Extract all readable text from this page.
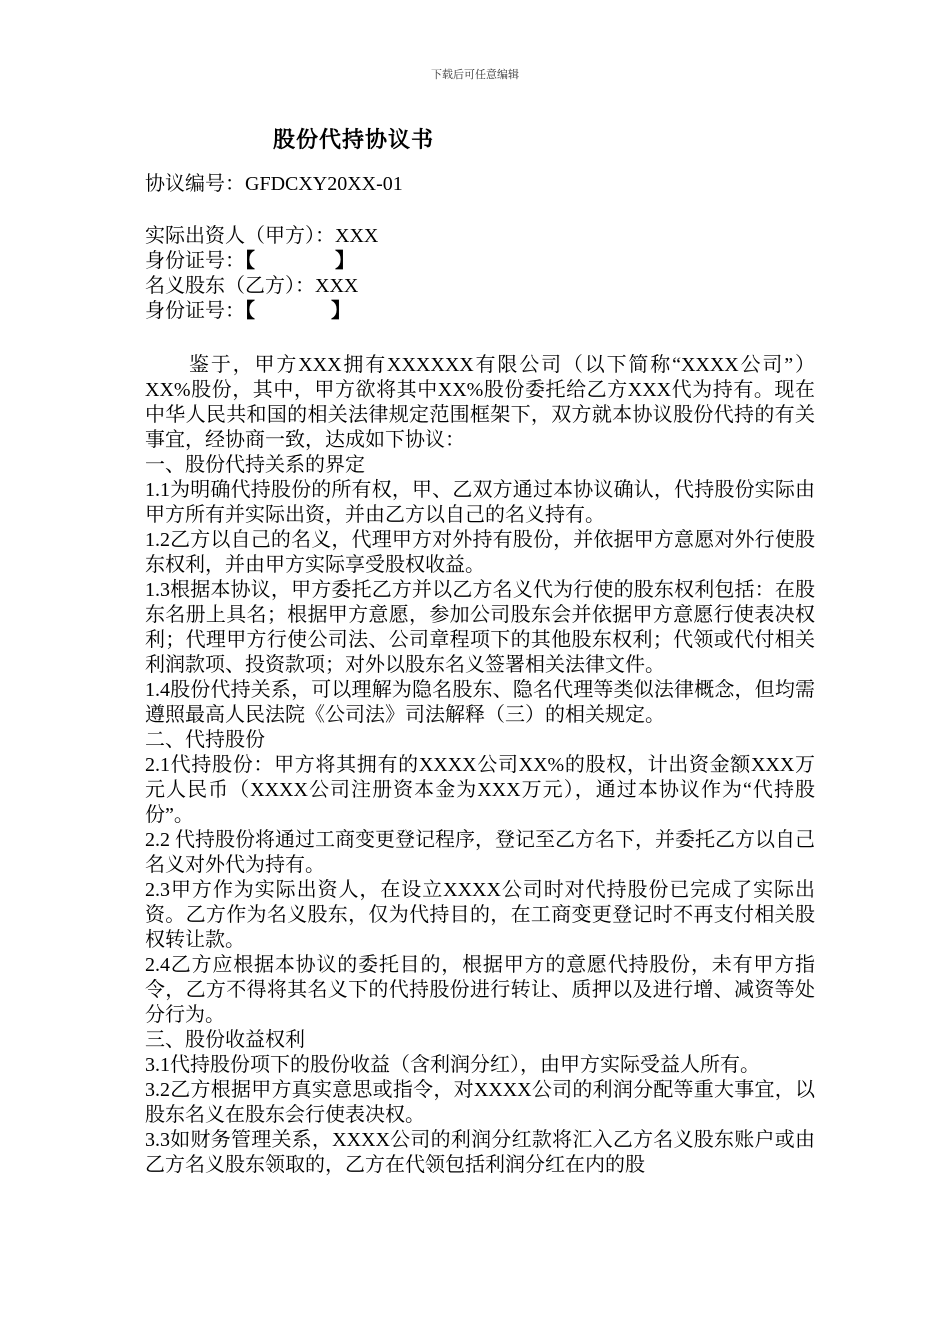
下载后可任意编辑
股份代持协议书

协议编号：GFDCXY20XX-01

实际出资人（甲方）：XXX

身份证号：【	】

名义股东（乙方）：XXX

身份证号：【	】

鉴于，甲方XXX拥有XXXXXX有限公司（以下简称“XXXX公司”）XX%股份，其中，甲方欲将其中XX%股份委托给乙方XXX代为持有。现在中华人民共和国的相关法律规定范围框架下，双方就本协议股份代持的有关事宜，经协商一致，达成如下协议：

一、股份代持关系的界定

1.1为明确代持股份的所有权，甲、乙双方通过本协议确认，代持股份实际由甲方所有并实际出资，并由乙方以自己的名义持有。

1.2乙方以自己的名义，代理甲方对外持有股份，并依据甲方意愿对外行使股东权利，并由甲方实际享受股权收益。

1.3根据本协议，甲方委托乙方并以乙方名义代为行使的股东权利包括：在股东名册上具名；根据甲方意愿，参加公司股东会并依据甲方意愿行使表决权利；代理甲方行使公司法、公司章程项下的其他股东权利；代领或代付相关利润款项、投资款项；对外以股东名义签署相关法律文件。

1.4股份代持关系，可以理解为隐名股东、隐名代理等类似法律概念，但均需遵照最高人民法院《公司法》司法解释（三）的相关规定。

二、代持股份

2.1代持股份：甲方将其拥有的XXXX公司XX%的股权，计出资金额XXX万元人民币（XXXX公司注册资本金为XXX万元），通过本协议作为“代持股份”。

2.2 代持股份将通过工商变更登记程序，登记至乙方名下，并委托乙方以自己名义对外代为持有。

2.3甲方作为实际出资人，在设立XXXX公司时对代持股份已完成了实际出资。乙方作为名义股东，仅为代持目的，在工商变更登记时不再支付相关股权转让款。

2.4乙方应根据本协议的委托目的，根据甲方的意愿代持股份，未有甲方指令，乙方不得将其名义下的代持股份进行转让、质押以及进行增、减资等处分行为。

三、股份收益权利

3.1代持股份项下的股份收益（含利润分红），由甲方实际受益人所有。

3.2乙方根据甲方真实意思或指令，对XXXX公司的利润分配等重大事宜，以股东名义在股东会行使表决权。

3.3如财务管理关系，XXXX公司的利润分红款将汇入乙方名义股东账户或由乙方名义股东领取的，乙方在代领包括利润分红在内的股
